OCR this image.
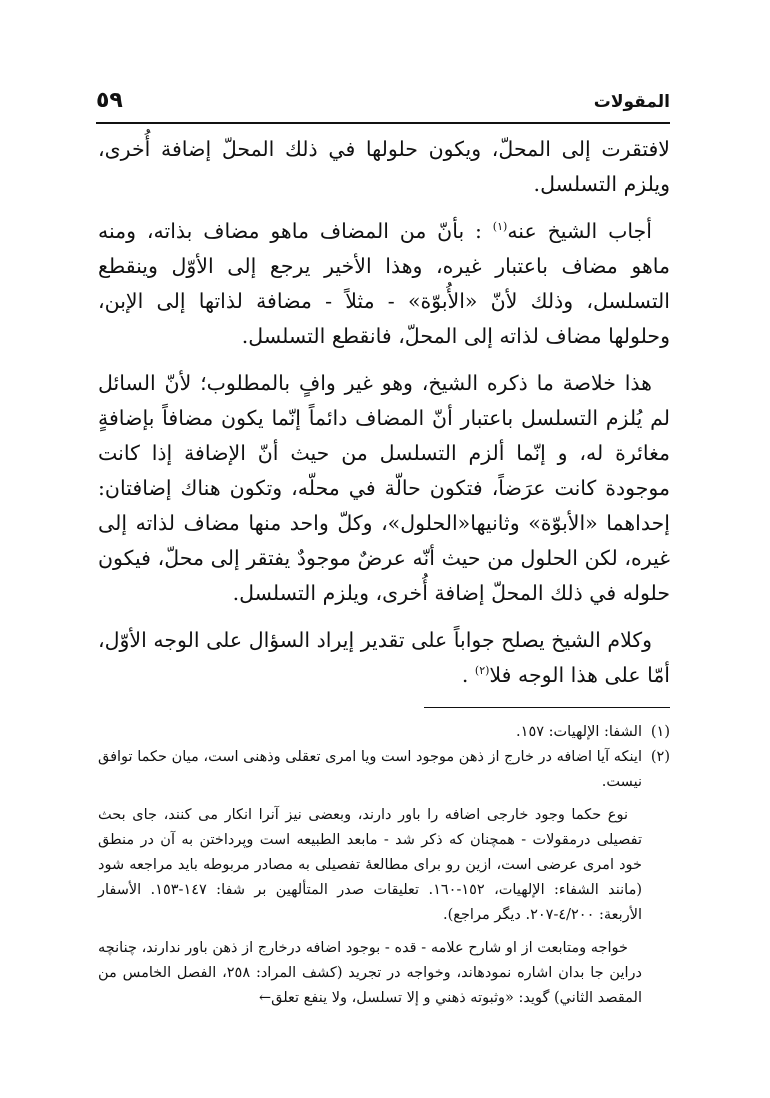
المقولات
٥٩

لافتقرت إلى المحلّ، ويكون حلولها في ذلك المحلّ إضافة أُخرى، ويلزم التسلسل.

أجاب الشيخ عنه$^{(١)}$ : بأنّ من المضاف ماهو مضاف بذاته، ومنه ماهو مضاف باعتبار غيره، وهذا الأخير يرجع إلى الأوّل وينقطع التسلسل، وذلك لأنّ «الأُبوّة» - مثلاً - مضافة لذاتها إلى الإبن، وحلولها مضاف لذاته إلى المحلّ، فانقطع التسلسل.

هذا خلاصة ما ذكره الشيخ، وهو غير وافٍ بالمطلوب؛ لأنّ السائل لم يُلزم التسلسل باعتبار أنّ المضاف دائماً إنّما يكون مضافاً بإضافةٍ مغائرة له، و إنّما ألزم التسلسل من حيث أنّ الإضافة إذا كانت موجودة كانت عرَضاً، فتكون حالّة في محلّه، وتكون هناك إضافتان: إحداهما «الأبوّة» وثانيها«الحلول»، وكلّ واحد منها مضاف لذاته إلى غيره، لكن الحلول من حيث أنّه عرضٌ موجودٌ يفتقر إلى محلّ، فيكون حلوله في ذلك المحلّ إضافة أُخرى، ويلزم التسلسل.

وكلام الشيخ يصلح جواباً على تقدير إيراد السؤال على الوجه الأوّل، أمّا على هذا الوجه فلا$^{(٢)}$ .

(١)
الشفا: الإلهيات: ١٥٧.
(٢)
اینکه آیا اضافه در خارج از ذهن موجود است ویا امری تعقلی وذهنی است، میان حکما توافق نیست.

نوع حکما وجود خارجی اضافه را باور دارند، وبعضی نیز آنرا انکار می کنند، جای بحث تفصیلی درمقولات - همچنان که ذکر شد - مابعد الطبیعه است وپرداختن به آن در منطق خود امری عرضی است، ازین رو برای مطالعهٔ تفصیلی به مصادر مربوطه باید مراجعه شود (مانند الشفاء: الإلهیات، ١٥٢-١٦٠. تعلیقات صدر المتألهین بر شفا: ١٤٧-١٥٣. الأسفار الأربعة: ٤/٢٠٠-٢٠٧. دیگر مراجع).

خواجه ومتابعت از او شارح علامه - قده - بوجود اضافه درخارج از ذهن باور ندارند، چنانچه دراین جا بدان اشاره نمودهاند، وخواجه در تجرید (کشف المراد: ٢٥٨، الفصل الخامس من المقصد الثاني) گوید: «وثبوته ذهني و إلا تسلسل، ولا ينفع تعلق←
